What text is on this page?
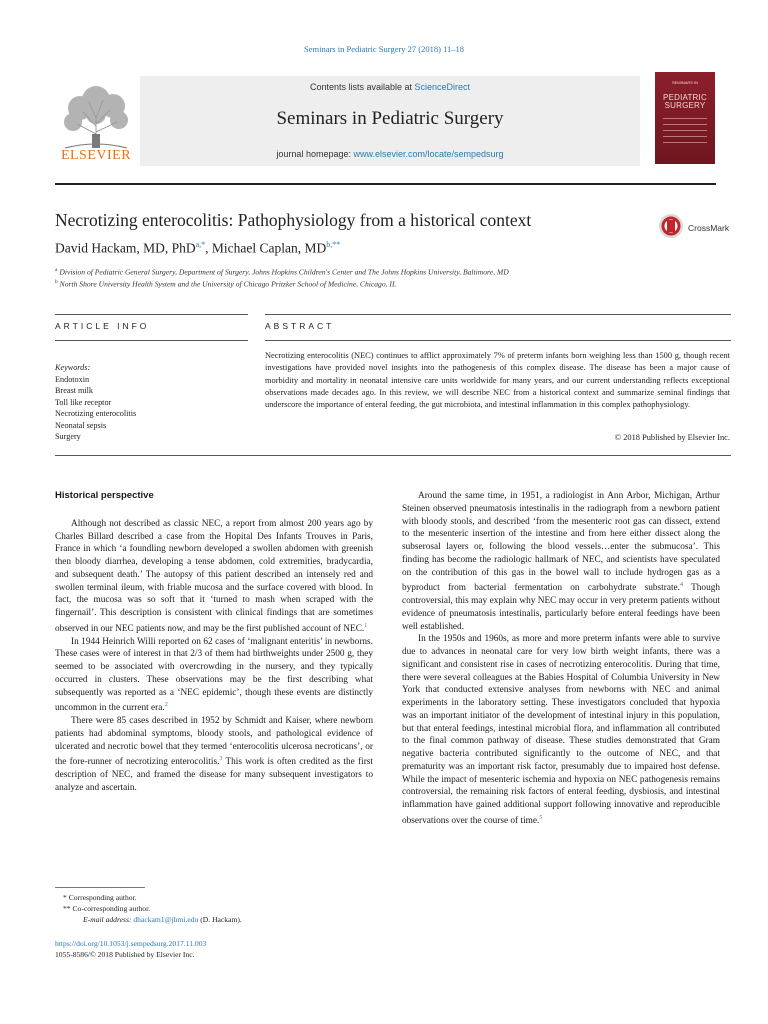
Seminars in Pediatric Surgery 27 (2018) 11–18
ELSEVIER
Contents lists available at ScienceDirect
Seminars in Pediatric Surgery
journal homepage: www.elsevier.com/locate/sempedsurg
SEMINARS IN
PEDIATRIC
SURGERY
Necrotizing enterocolitis: Pathophysiology from a historical context	CrossMark
David Hackam, MD, PhD$^{a,*}$, Michael Caplan, $MD^{b,**}$
$^a$ Division of Pediatric General Surgery, Department of Surgery, Johns Hopkins Children's Center and The Johns Hopkins University, Baltimore, MD
$^b$ North Shore University Health System and the University of Chicago Pritzker School of Medicine, Chicago, IL
ARTICLE INFO	ABSTRACT
Keywords:
Endotoxin
Breast milk
Toll like receptor
Necrotizing enterocolitis
Neonatal sepsis
Surgery
Necrotizing enterocolitis (NEC) continues to afflict approximately 7% of preterm infants born weighing less than 1500 g, though recent investigations have provided novel insights into the pathogenesis of this complex disease. The disease has been a major cause of morbidity and mortality in neonatal intensive care units worldwide for many years, and our current understanding reflects exceptional observations made decades ago. In this review, we will describe NEC from a historical context and summarize seminal findings that underscore the importance of enteral feeding, the gut microbiota, and intestinal inflammation in this complex pathophysiology.
© 2018 Published by Elsevier Inc.
Historical perspective

Although not described as classic NEC, a report from almost 200 years ago by Charles Billard described a case from the Hopital Des Infants Trouves in Paris, France in which ‘a foundling newborn developed a swollen abdomen with greenish then bloody diarrhea, developing a tense abdomen, cold extremities, bradycardia, and subsequent death.’ The autopsy of this patient described an intensely red and swollen terminal ileum, with friable mucosa and the surface covered with blood. In fact, the mucosa was so soft that it ‘turned to mash when scraped with the fingernail’. This description is consistent with clinical findings that are sometimes observed in our NEC patients now, and may be the first published account of NEC.$^1$

In 1944 Heinrich Willi reported on 62 cases of ‘malignant enteritis’ in newborns. These cases were of interest in that 2/3 of them had birthweights under 2500 g, they seemed to be associated with overcrowding in the nursery, and they typically occurred in clusters. These observations may be the first describing what subsequently was reported as a ‘NEC epidemic’, though these events are distinctly uncommon in the current era.$^2$

There were 85 cases described in 1952 by Schmidt and Kaiser, where newborn patients had abdominal symptoms, bloody stools, and pathological evidence of ulcerated and necrotic bowel that they termed ‘enterocolitis ulcerosa necroticans’, or the fore-runner of necrotizing enterocolitis.$^3$ This work is often credited as the first description of NEC, and framed the disease for many subsequent investigators to analyze and ascertain.

Around the same time, in 1951, a radiologist in Ann Arbor, Michigan, Arthur Steinen observed pneumatosis intestinalis in the radiograph from a newborn patient with bloody stools, and described ‘from the mesenteric root gas can dissect, extend to the mesenteric insertion of the intestine and from here either dissect along the subserosal layers or, following the blood vessels…enter the submucosa’. This finding has become the radiologic hallmark of NEC, and scientists have speculated on the contribution of this gas in the bowel wall to include hydrogen gas as a byproduct from bacterial fermentation on carbohydrate substrate.$^4$ Though controversial, this may explain why NEC may occur in very preterm patients without evidence of pneumatosis intestinalis, particularly before enteral feedings have been well established.

In the 1950s and 1960s, as more and more preterm infants were able to survive due to advances in neonatal care for very low birth weight infants, there was a significant and consistent rise in cases of necrotizing enterocolitis. During that time, there were several colleagues at the Babies Hospital of Columbia University in New York that conducted extensive analyses from newborns with NEC and animal experiments in the laboratory setting. These investigators concluded that hypoxia was an important initiator of the development of intestinal injury in this population, but that enteral feedings, intestinal microbial flora, and inflammation all contributed to the final common pathway of disease. These studies demonstrated that Gram negative bacteria contributed significantly to the outcome of NEC, and that prematurity was an important risk factor, presumably due to impaired host defense. While the impact of mesenteric ischemia and hypoxia on NEC pathogenesis remains controversial, the remaining risk factors of enteral feeding, dysbiosis, and intestinal inflammation have gained additional support following innovative and reproducible observations over the course of time.$^5$

* Corresponding author.
** Co-corresponding author.
E-mail address: dhackam1@jhmi.edu (D. Hackam).
https://doi.org/10.1053/j.sempedsurg.2017.11.003
1055-8586/© 2018 Published by Elsevier Inc.
